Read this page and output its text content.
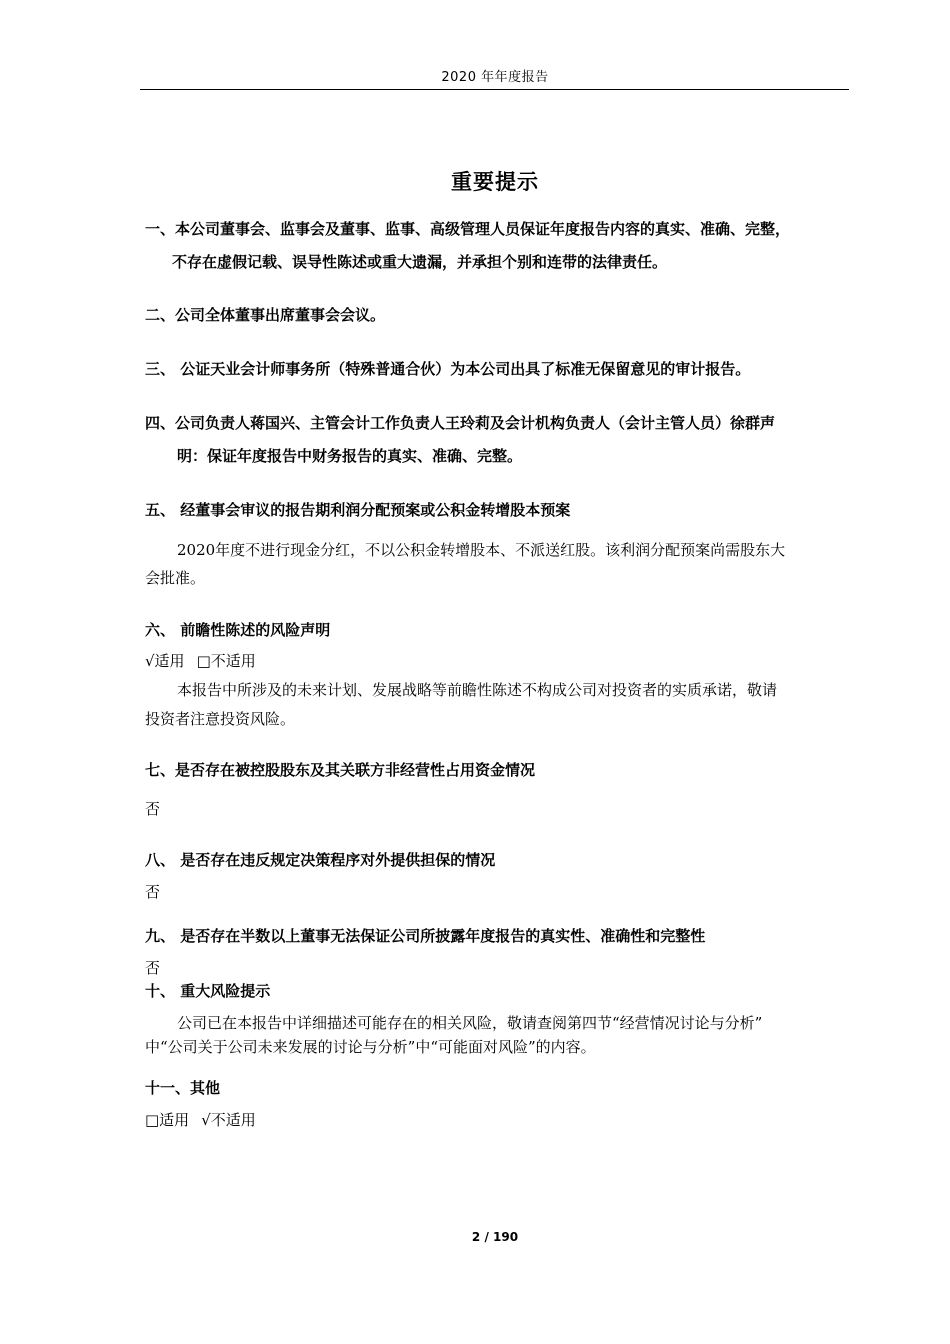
2020 年年度报告
重要提示
一、本公司董事会、监事会及董事、监事、高级管理人员保证年度报告内容的真实、准确、完整，
不存在虚假记载、误导性陈述或重大遗漏，并承担个别和连带的法律责任。
二、公司全体董事出席董事会会议。
三、 公证天业会计师事务所（特殊普通合伙）为本公司出具了标准无保留意见的审计报告。
四、公司负责人蒋国兴、主管会计工作负责人王玲莉及会计机构负责人（会计主管人员）徐群声
明：保证年度报告中财务报告的真实、准确、完整。
五、 经董事会审议的报告期利润分配预案或公积金转增股本预案
2020年度不进行现金分红，不以公积金转增股本、不派送红股。该利润分配预案尚需股东大
会批准。
六、 前瞻性陈述的风险声明
√适用 □不适用
本报告中所涉及的未来计划、发展战略等前瞻性陈述不构成公司对投资者的实质承诺，敬请
投资者注意投资风险。
七、是否存在被控股股东及其关联方非经营性占用资金情况
否
八、 是否存在违反规定决策程序对外提供担保的情况
否
九、 是否存在半数以上董事无法保证公司所披露年度报告的真实性、准确性和完整性
否
十、 重大风险提示
公司已在本报告中详细描述可能存在的相关风险，敬请查阅第四节“经营情况讨论与分析”
中“公司关于公司未来发展的讨论与分析”中“可能面对风险”的内容。
十一、其他
□适用 √不适用
2 / 190
